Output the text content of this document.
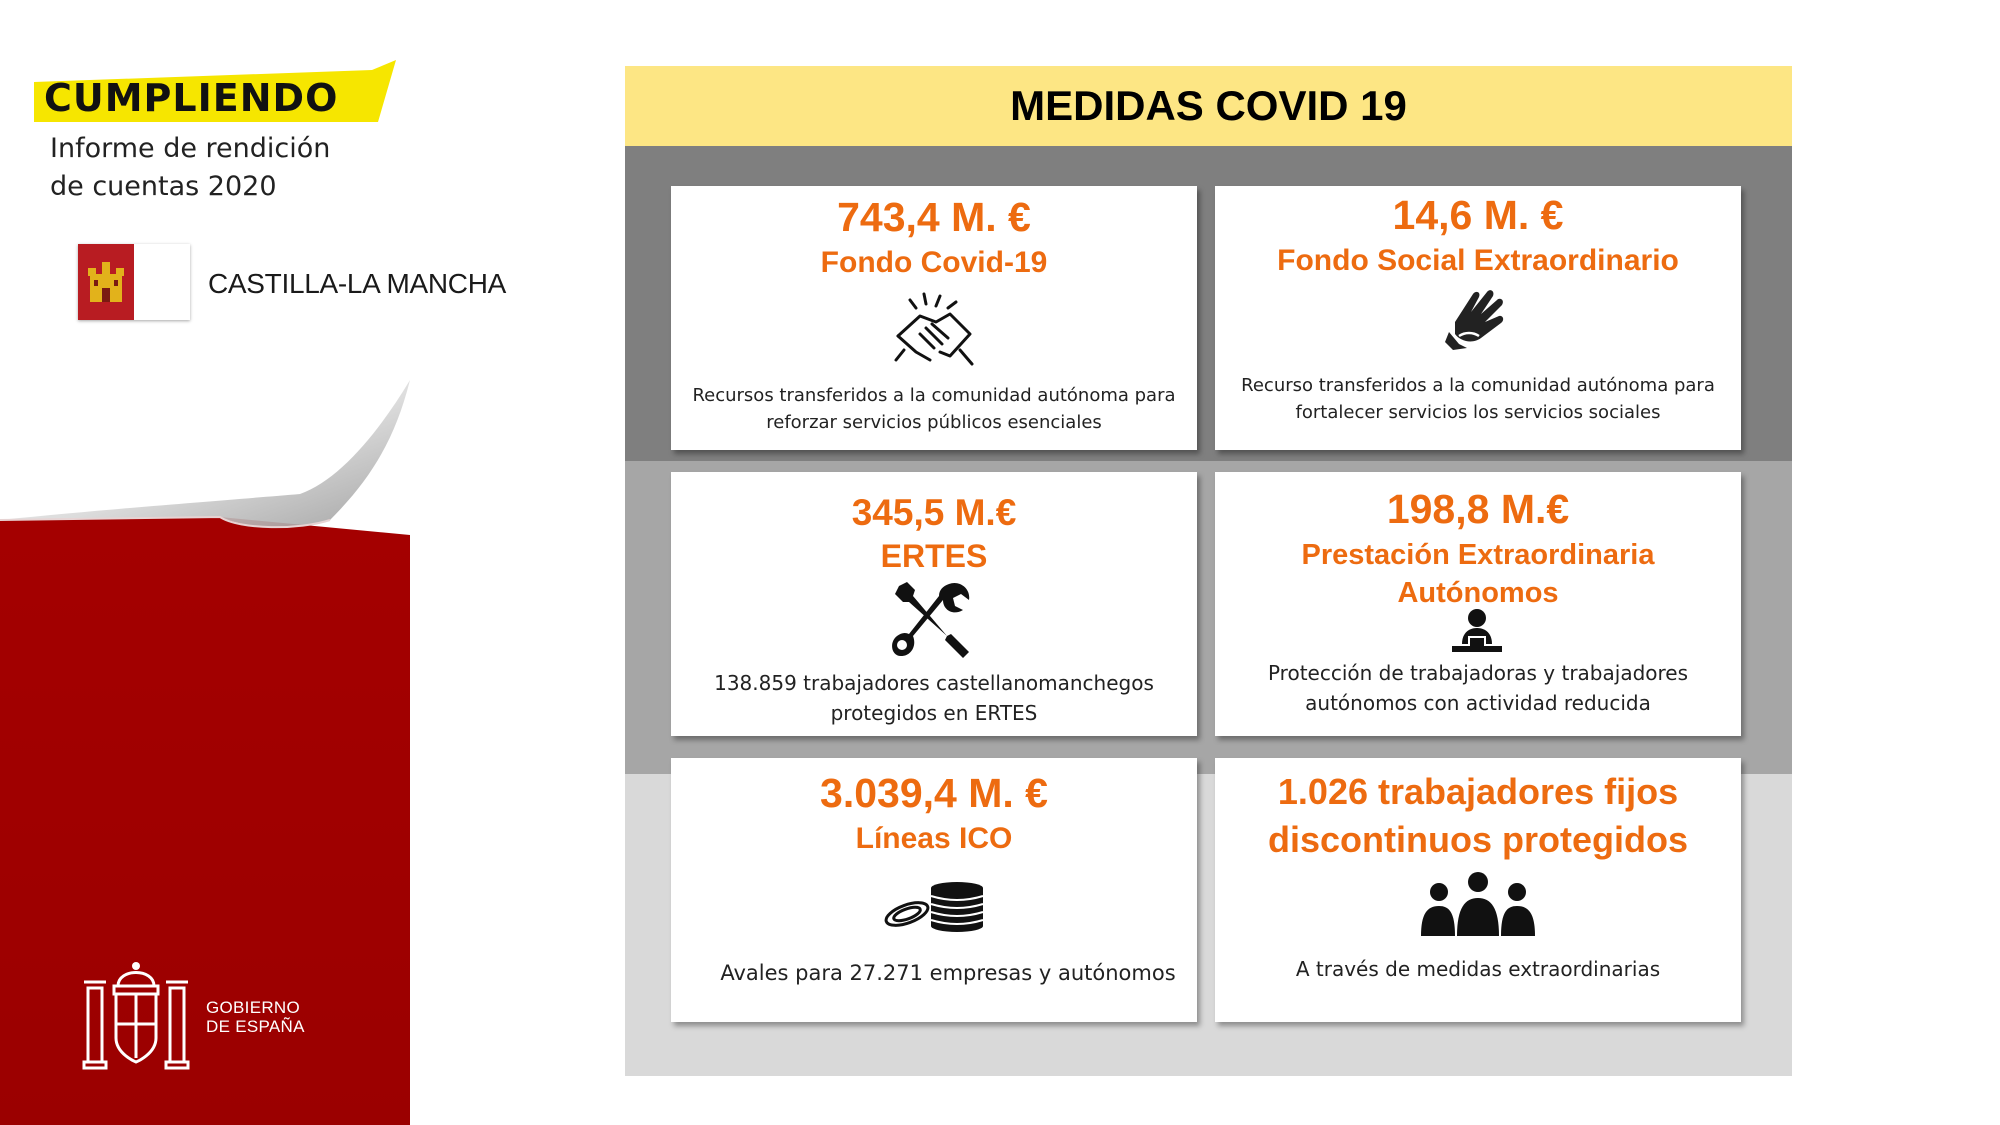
CUMPLIENDO
Informe de rendición
de cuentas 2020
CASTILLA-LA MANCHA
GOBIERNO
DE ESPAÑA
MEDIDAS COVID 19
743,4 M. €
Fondo Covid-19
Recursos transferidos a la comunidad autónoma para
reforzar servicios públicos esenciales
14,6 M. €
Fondo Social Extraordinario
Recurso transferidos a la comunidad autónoma para
fortalecer servicios los servicios sociales
345,5 M.€
ERTES
138.859 trabajadores castellanomanchegos
protegidos en ERTES
198,8 M.€
Prestación Extraordinaria
Autónomos
Protección de trabajadoras y trabajadores
autónomos con actividad reducida
3.039,4 M. €
Líneas ICO
Avales para 27.271 empresas y autónomos
1.026 trabajadores fijos
discontinuos protegidos
A través de medidas extraordinarias
